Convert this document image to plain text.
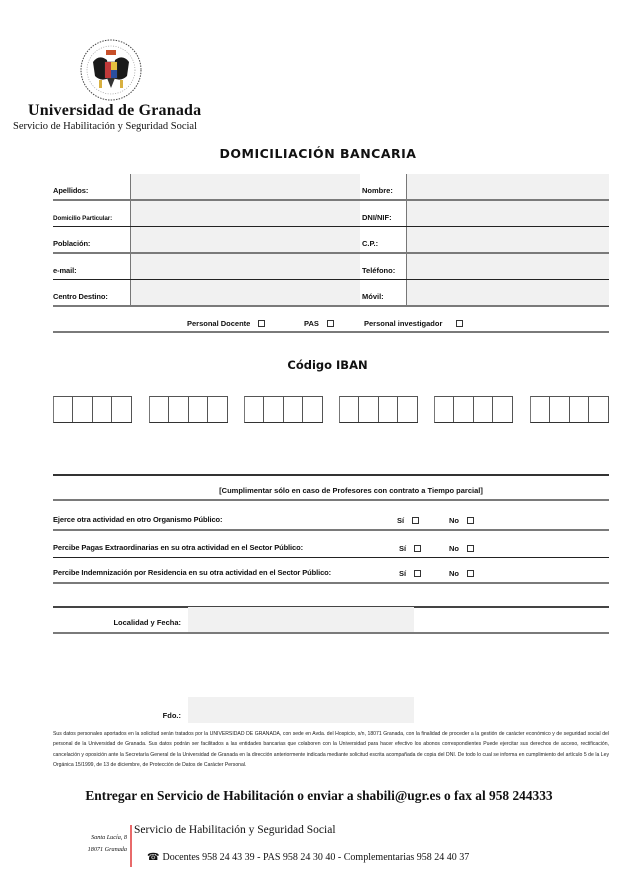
Universidad de Granada
Servicio de Habilitación y Seguridad Social
DOMICILIACIÓN BANCARIA
Apellidos:	Nombre:
Domicilio Particular:	DNI/NIF:
Población:	C.P.:
e-mail:	Teléfono:
Centro Destino:	Móvil:
Personal Docente	PAS	Personal investigador
Código IBAN
[Cumplimentar sólo en caso de Profesores con contrato a Tiempo parcial]
Ejerce otra actividad en otro Organismo Público:	Sí	No
Percibe Pagas Extraordinarias en su otra actividad en el Sector Público:	Sí	No
Percibe Indemnización por Residencia en su otra actividad en el Sector Público:	Sí	No
Localidad y Fecha:
Fdo.:
Sus datos personales aportados en la solicitud serán tratados por la UNIVERSIDAD DE GRANADA, con sede en Avda. del Hospicio, s/n, 18071 Granada, con la finalidad de proceder a la gestión de carácter económico y de seguridad social del personal de la Universidad de Granada. Sus datos podrán ser facilitados a las entidades bancarias que colaboren con la Universidad para hacer efectivo los abonos correspondientes Puede ejercitar sus derechos de acceso, rectificación, cancelación y oposición ante la Secretaría General de la Universidad de Granada en la dirección anteriormente indicada mediante solicitud escrita acompañada de copia del DNI. De todo lo cual se informa en cumplimiento del artículo 5 de la Ley Orgánica 15/1999, de 13 de diciembre, de Protección de Datos de Carácter Personal.
Entregar en Servicio de Habilitación o enviar a shabili@ugr.es o fax al 958 244333
Santa Lucía, 8
18071 Granada
Servicio de Habilitación y Seguridad Social
☎ Docentes 958 24 43 39 - PAS 958 24 30 40 - Complementarias 958 24 40 37
